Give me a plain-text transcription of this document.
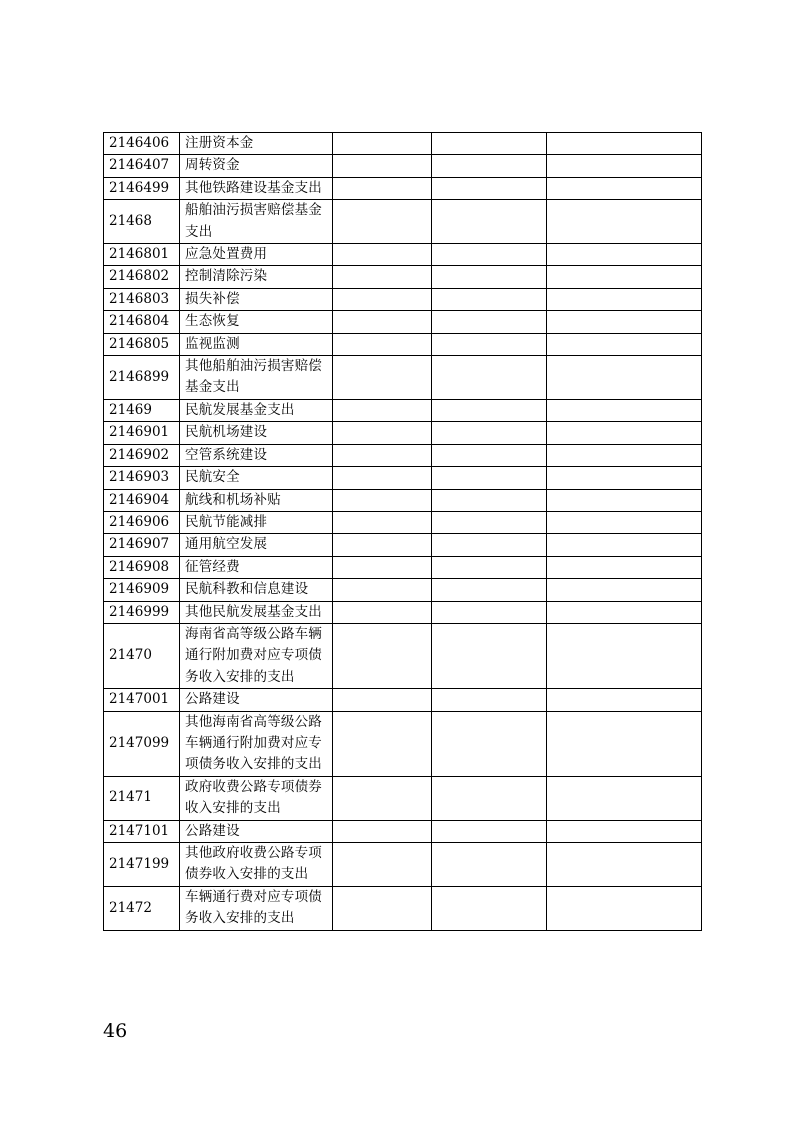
2146406	注册资本金			
2146407	周转资金			
2146499	其他铁路建设基金支出			
21468	船舶油污损害赔偿基金支出			
2146801	应急处置费用			
2146802	控制清除污染			
2146803	损失补偿			
2146804	生态恢复			
2146805	监视监测			
2146899	其他船舶油污损害赔偿基金支出			
21469	民航发展基金支出			
2146901	民航机场建设			
2146902	空管系统建设			
2146903	民航安全			
2146904	航线和机场补贴			
2146906	民航节能减排			
2146907	通用航空发展			
2146908	征管经费			
2146909	民航科教和信息建设			
2146999	其他民航发展基金支出			
21470	海南省高等级公路车辆通行附加费对应专项债务收入安排的支出			
2147001	公路建设			
2147099	其他海南省高等级公路车辆通行附加费对应专项债务收入安排的支出			
21471	政府收费公路专项债券收入安排的支出			
2147101	公路建设			
2147199	其他政府收费公路专项债券收入安排的支出			
21472	车辆通行费对应专项债务收入安排的支出			
46
